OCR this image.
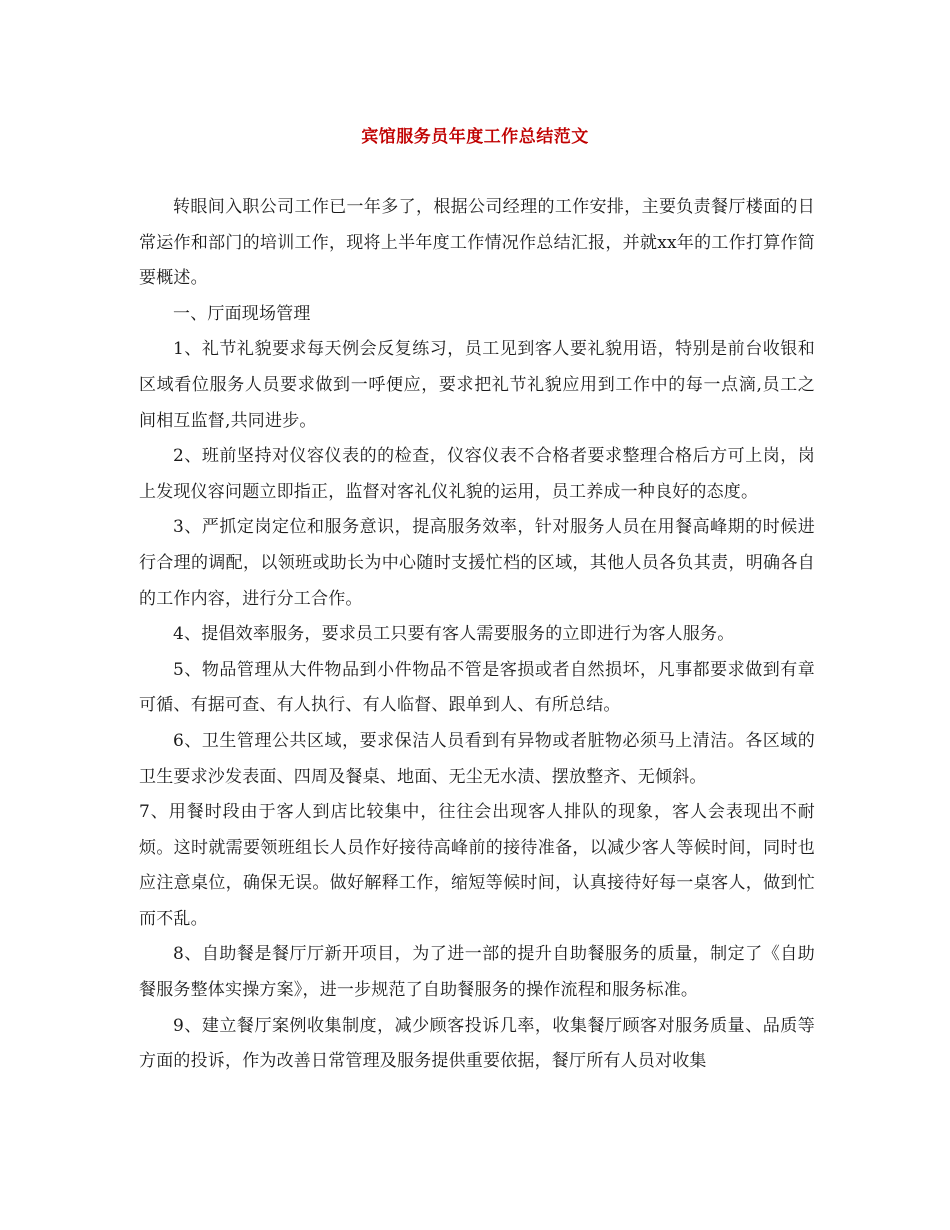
宾馆服务员年度工作总结范文

转眼间入职公司工作已一年多了，根据公司经理的工作安排，主要负责餐厅楼面的日常运作和部门的培训工作，现将上半年度工作情况作总结汇报，并就xx年的工作打算作简要概述。

一、厅面现场管理

1、礼节礼貌要求每天例会反复练习，员工见到客人要礼貌用语，特别是前台收银和区域看位服务人员要求做到一呼便应，要求把礼节礼貌应用到工作中的每一点滴,员工之间相互监督,共同进步。

2、班前坚持对仪容仪表的的检查，仪容仪表不合格者要求整理合格后方可上岗，岗上发现仪容问题立即指正，监督对客礼仪礼貌的运用，员工养成一种良好的态度。

3、严抓定岗定位和服务意识，提高服务效率，针对服务人员在用餐高峰期的时候进行合理的调配，以领班或助长为中心随时支援忙档的区域，其他人员各负其责，明确各自的工作内容，进行分工合作。

4、提倡效率服务，要求员工只要有客人需要服务的立即进行为客人服务。

5、物品管理从大件物品到小件物品不管是客损或者自然损坏，凡事都要求做到有章可循、有据可查、有人执行、有人临督、跟单到人、有所总结。

6、卫生管理公共区域，要求保洁人员看到有异物或者脏物必须马上清洁。各区域的卫生要求沙发表面、四周及餐桌、地面、无尘无水渍、摆放整齐、无倾斜。

7、用餐时段由于客人到店比较集中，往往会出现客人排队的现象，客人会表现出不耐烦。这时就需要领班组长人员作好接待高峰前的接待准备，以减少客人等候时间，同时也应注意桌位，确保无误。做好解释工作，缩短等候时间，认真接待好每一桌客人，做到忙而不乱。

8、自助餐是餐厅厅新开项目，为了进一部的提升自助餐服务的质量，制定了《自助餐服务整体实操方案》，进一步规范了自助餐服务的操作流程和服务标准。

9、建立餐厅案例收集制度，减少顾客投诉几率，收集餐厅顾客对服务质量、品质等方面的投诉，作为改善日常管理及服务提供重要依据，餐厅所有人员对收集
